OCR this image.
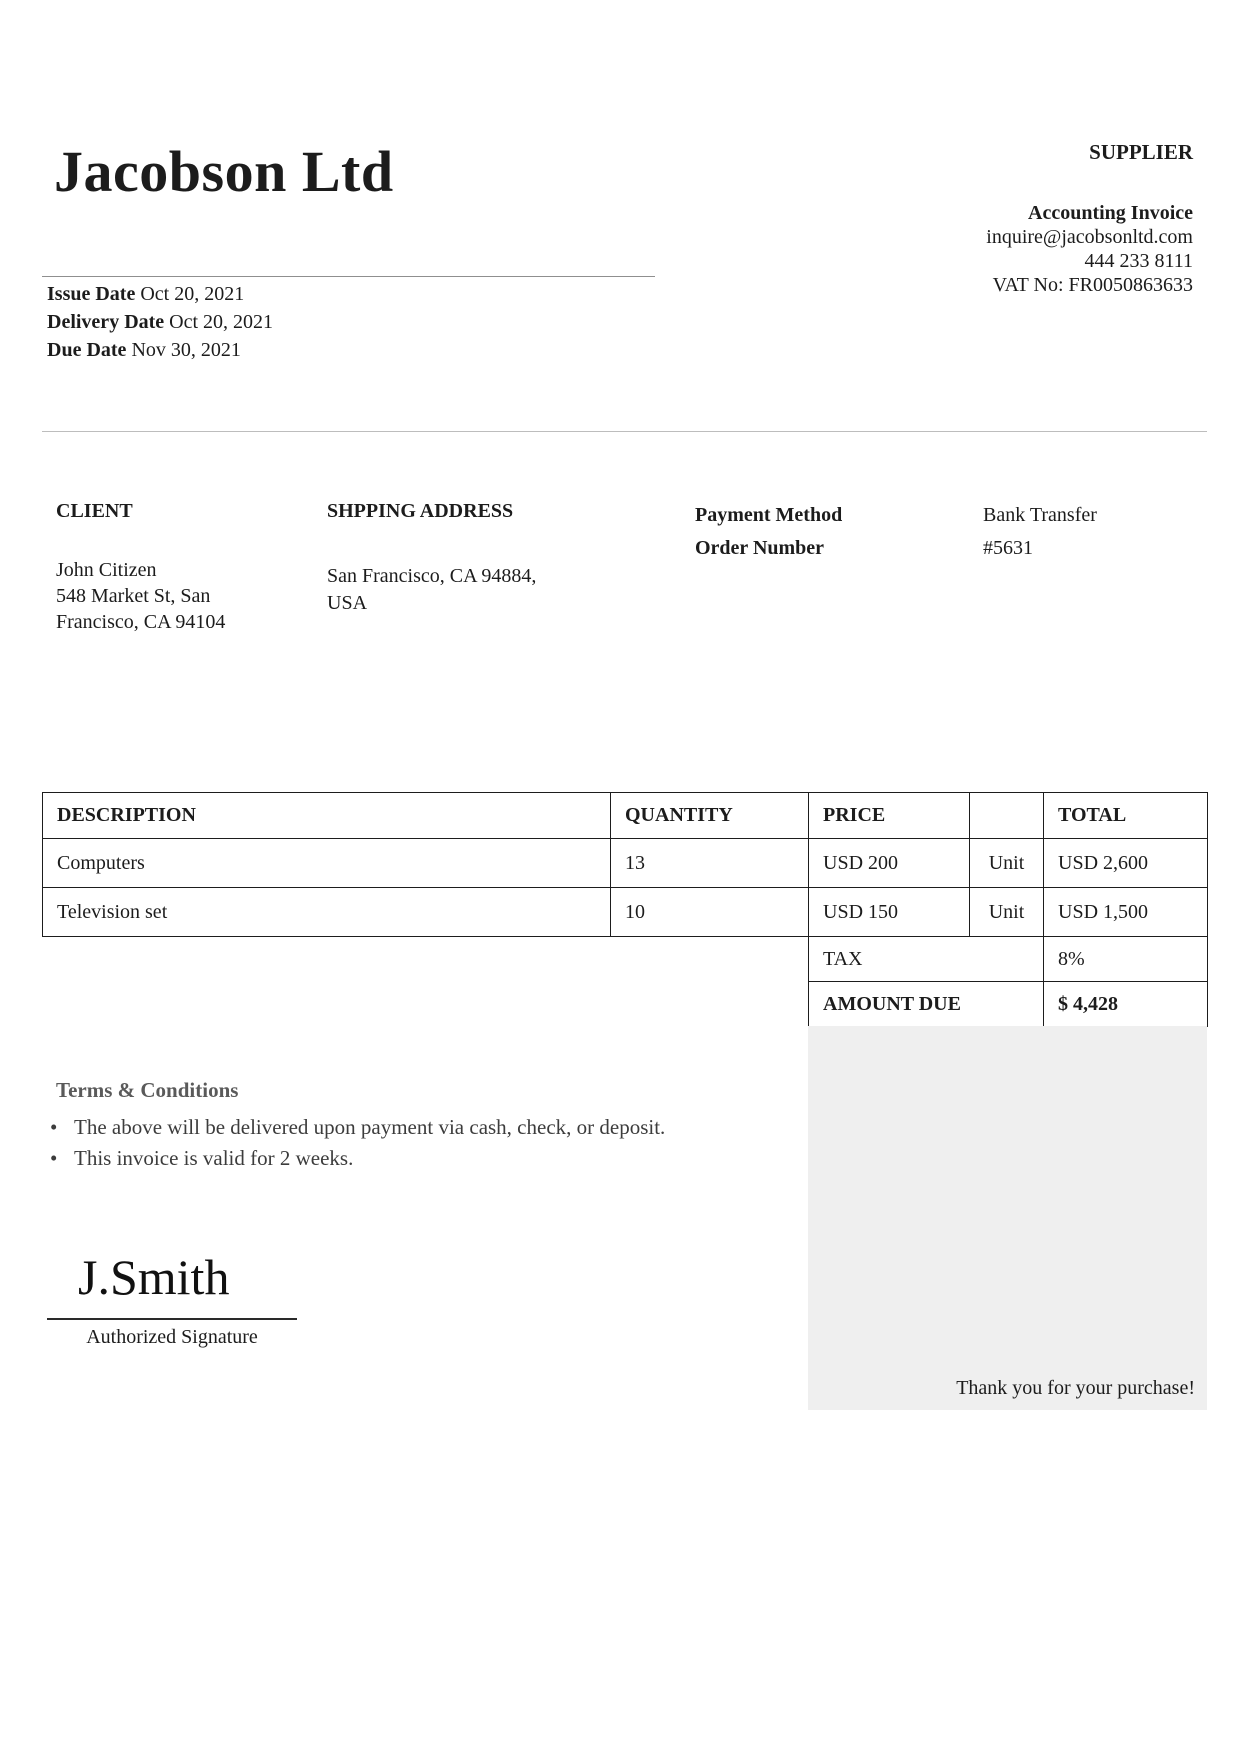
Jacobson Ltd
Issue Date Oct 20, 2021
Delivery Date Oct 20, 2021
Due Date Nov 30, 2021
SUPPLIER
Accounting Invoice
inquire@jacobsonltd.com
444 233 8111
VAT No: FR0050863633
CLIENT	SHPPING ADDRESS
John Citizen
548 Market St, San
Francisco, CA 94104
San Francisco, CA 94884,
USA
Payment Method	Bank Transfer
Order Number	#5631
DESCRIPTION	QUANTITY	PRICE		TOTAL
Computers	13	USD 200	Unit	USD 2,600
Television set	10	USD 150	Unit	USD 1,500
TAX	8%
AMOUNT DUE	$ 4,428
Thank you for your purchase!
Terms & Conditions
• The above will be delivered upon payment via cash, check, or deposit.
• This invoice is valid for 2 weeks.
J.Smith
Authorized Signature
